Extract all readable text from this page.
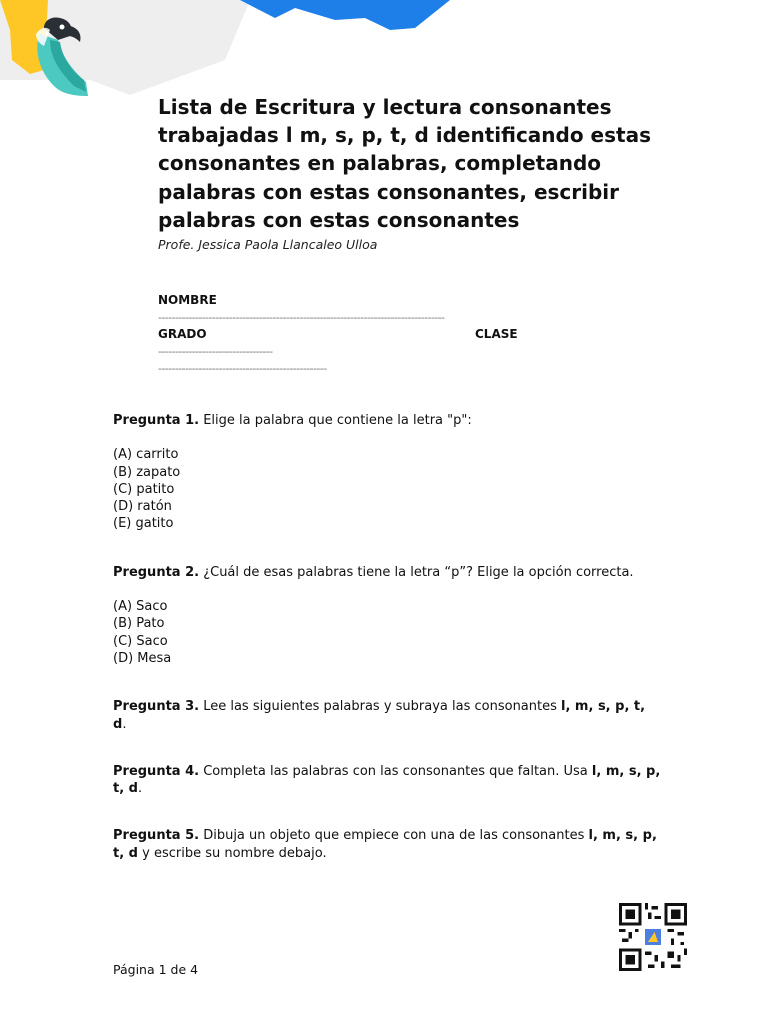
Lista de Escritura y lectura consonantes trabajadas l m, s, p, t, d identificando estas consonantes en palabras, completando palabras con estas consonantes, escribir palabras con estas consonantes
Profe. Jessica Paola Llancaleo Ulloa
NOMBRE
-------------------------------------------------------------------------------------
GRADO	CLASE
----------------------------------
--------------------------------------------------

Pregunta 1. Elige la palabra que contiene la letra "p":

(A) carrito
(B) zapato
(C) patito
(D) ratón
(E) gatito

Pregunta 2. ¿Cuál de esas palabras tiene la letra “p”? Elige la opción correcta.

(A) Saco
(B) Pato
(C) Saco
(D) Mesa

Pregunta 3. Lee las siguientes palabras y subraya las consonantes l, m, s, p, t, d.

Pregunta 4. Completa las palabras con las consonantes que faltan. Usa l, m, s, p, t, d.

Pregunta 5. Dibuja un objeto que empiece con una de las consonantes l, m, s, p, t, d y escribe su nombre debajo.

Página 1 de 4
